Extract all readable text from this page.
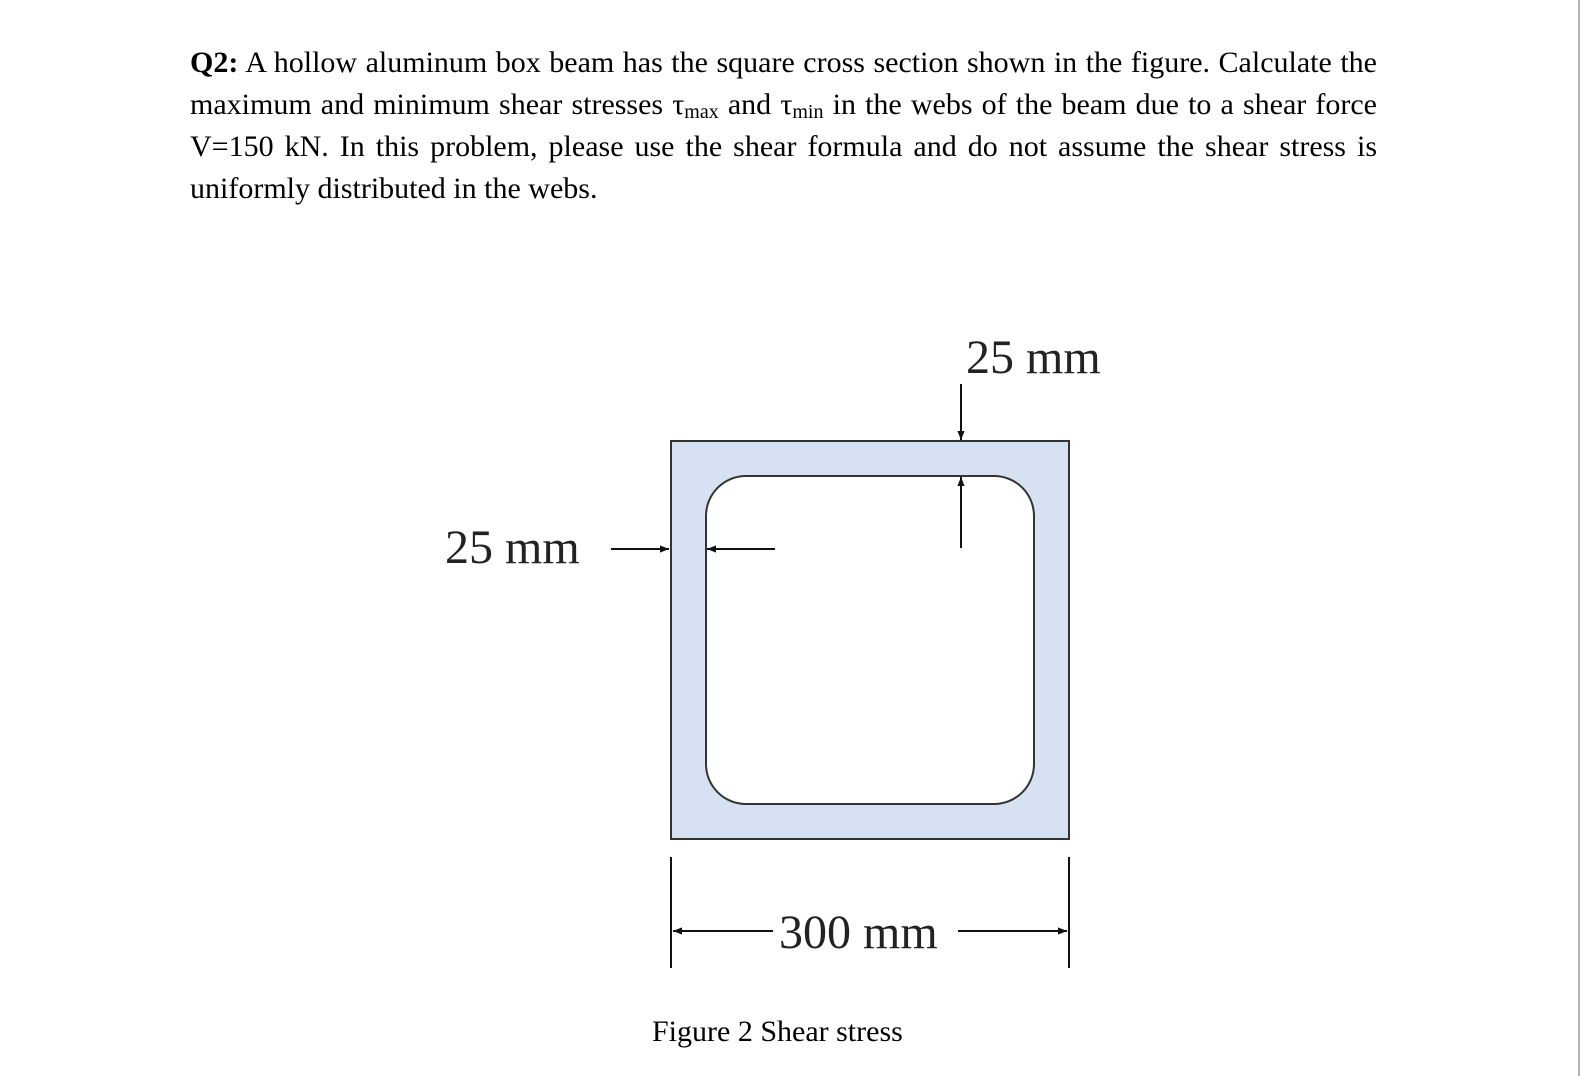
Q2: A hollow aluminum box beam has the square cross section shown in the figure. Calculate the maximum and minimum shear stresses $\tau_{max}$ and $\tau_{min}$ in the webs of the beam due to a shear force V=150 kN. In this problem, please use the shear formula and do not assume the shear stress is uniformly distributed in the webs.

25 mm
25 mm
300 mm

Figure 2 Shear stress
